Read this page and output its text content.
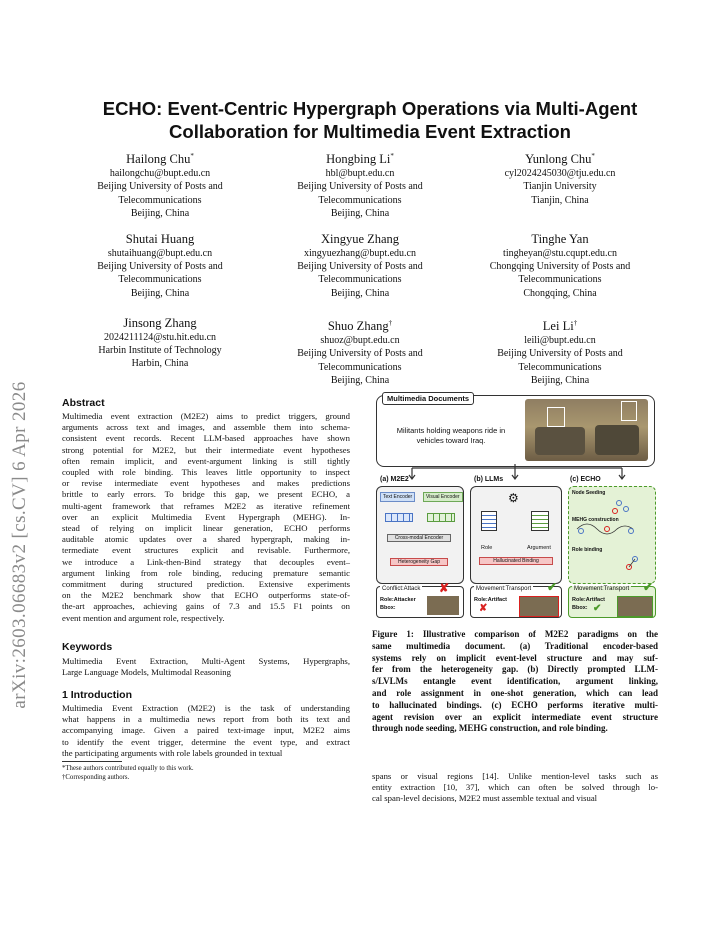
arXiv:2603.06683v2 [cs.CV] 6 Apr 2026
ECHO: Event-Centric Hypergraph Operations via Multi-Agent
Collaboration for Multimedia Event Extraction
Hailong Chu*
hailongchu@bupt.edu.cn
Beijing University of Posts and
Telecommunications
Beijing, China
Hongbing Li*
hbl@bupt.edu.cn
Beijing University of Posts and
Telecommunications
Beijing, China
Yunlong Chu*
cyl2024245030@tju.edu.cn
Tianjin University
Tianjin, China
Shutai Huang
shutaihuang@bupt.edu.cn
Beijing University of Posts and
Telecommunications
Beijing, China
Xingyue Zhang
xingyuezhang@bupt.edu.cn
Beijing University of Posts and
Telecommunications
Beijing, China
Tinghe Yan
tingheyan@stu.cqupt.edu.cn
Chongqing University of Posts and
Telecommunications
Chongqing, China
Jinsong Zhang
2024211124@stu.hit.edu.cn
Harbin Institute of Technology
Harbin, China
Shuo Zhang†
shuoz@bupt.edu.cn
Beijing University of Posts and
Telecommunications
Beijing, China
Lei Li†
leili@bupt.edu.cn
Beijing University of Posts and
Telecommunications
Beijing, China
Abstract
Multimedia event extraction (M2E2) aims to predict triggers, ground
arguments across text and images, and assemble them into schema-
consistent event records. Recent LLM-based approaches have shown
strong potential for M2E2, but their intermediate event hypotheses
often remain implicit, and event-argument linking is still tightly
coupled with role binding. This leaves little opportunity to inspect
or revise intermediate event hypotheses and makes predictions
brittle to early errors. To bridge this gap, we present ECHO, a
multi-agent framework that reframes M2E2 as iterative refinement
over an explicit Multimedia Event Hypergraph (MEHG). In-
stead of relying on implicit linear generation, ECHO performs
auditable atomic updates over a shared hypergraph, making in-
termediate event structures explicit and revisable. Furthermore,
we introduce a Link-then-Bind strategy that decouples event–
argument linking from role binding, reducing premature semantic
commitment during structured prediction. Extensive experiments
on the M2E2 benchmark show that ECHO outperforms state-of-
the-art approaches, achieving gains of 7.3 and 15.5 F1 points on
event mention and argument role, respectively.
Keywords
Multimedia Event Extraction, Multi-Agent Systems, Hypergraphs,
Large Language Models, Multimodal Reasoning
1 Introduction
Multimedia Event Extraction (M2E2) is the task of understanding
what happens in a multimedia news report from both its text and
accompanying image. Given a paired text-image input, M2E2 aims
to identify the event trigger, determine the event type, and extract
the participating arguments with role labels grounded in textual
*These authors contributed equally to this work.
†Corresponding authors.	spans or visual regions [14]. Unlike mention-level tasks such as
entity extraction [10, 37], which can often be solved through lo-
cal span-level decisions, M2E2 must assemble textual and visual
Figure 1: Illustrative comparison of M2E2 paradigms on the
same multimedia document. (a) Traditional encoder-based
systems rely on implicit event-level structure and may suf-
fer from the heterogeneity gap. (b) Directly prompted LLM-
s/LVLMs entangle event identification, argument linking,
and role assignment in one-shot generation, which can lead
to hallucinated bindings. (c) ECHO performs iterative multi-
agent revision over an explicit intermediate event structure
through node seeding, MEHG construction, and role binding.
Multimedia Documents
Militants holding weapons ride in
vehicles toward Iraq.
(a) M2E2	(b) LLMs	(c) ECHO
Text Encoder	Visual Encoder
Cross-modal Encoder
Heterogeneity Gap
⚙
Role	Argument
Hallucinated Binding
Node Seeding
MEHG construction
Role binding
Conflict:Attack ✘
Role:Attacker
Bbox:
Movement:Transport ✔
Role:Artifact
✘
Movement:Transport ✔
Role:Artifact
Bbox: ✔
